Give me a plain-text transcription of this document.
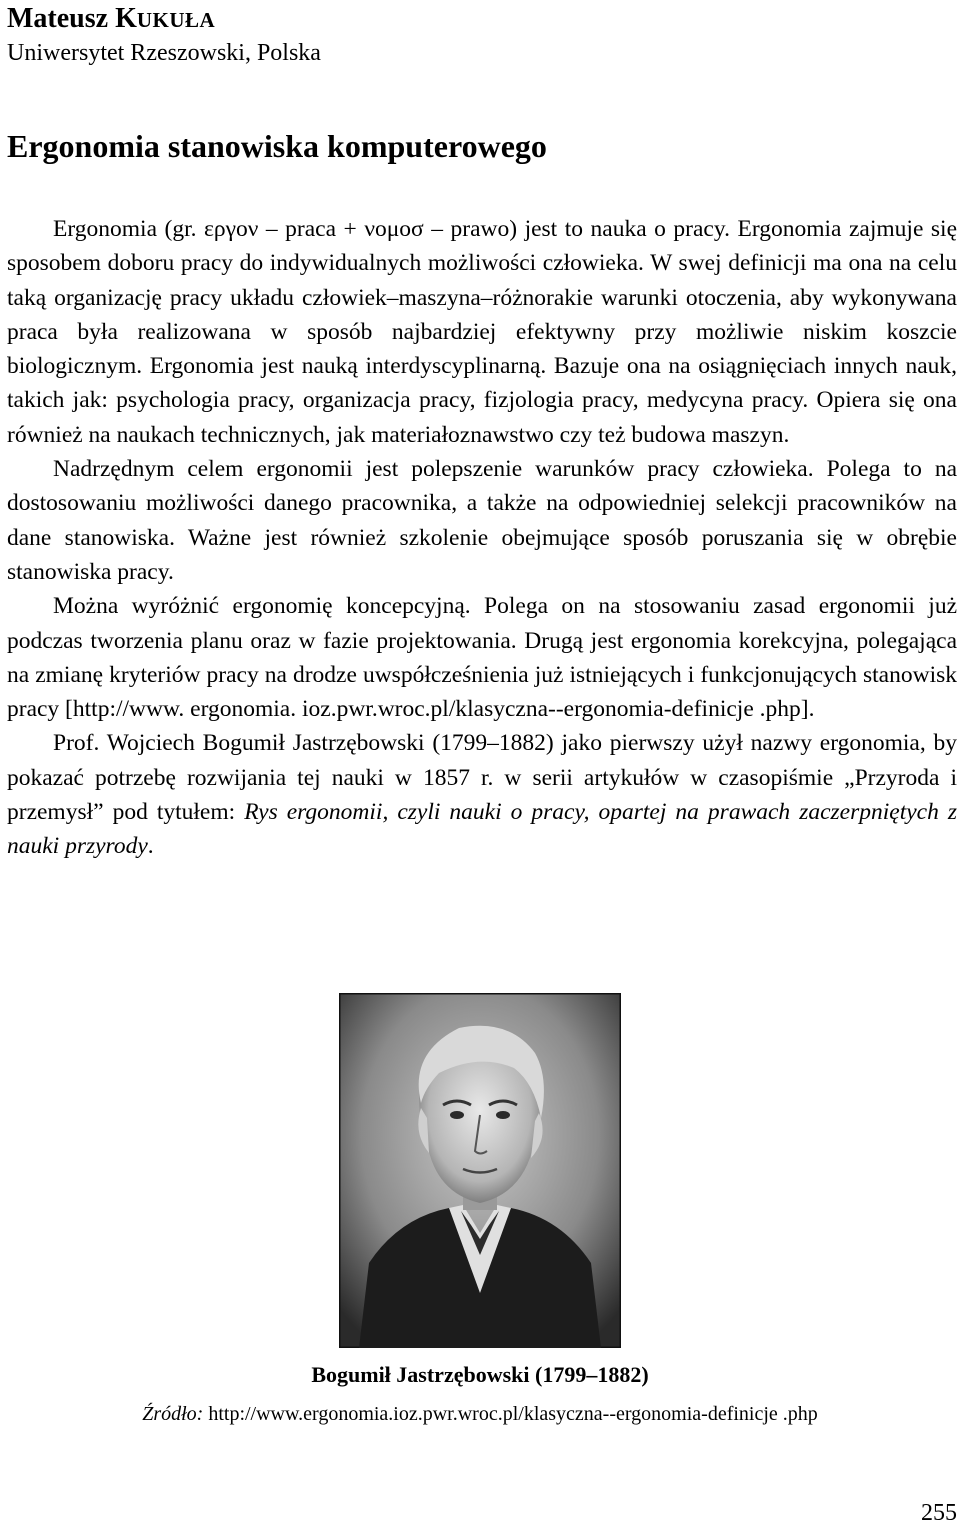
Mateusz KUKUŁA
Uniwersytet Rzeszowski, Polska
Ergonomia stanowiska komputerowego

Ergonomia (gr. εργον – praca + νομοσ – prawo) jest to nauka o pracy. Ergonomia zajmuje się sposobem doboru pracy do indywidualnych możliwości człowieka. W swej definicji ma ona na celu taką organizację pracy układu człowiek–maszyna–różnorakie warunki otoczenia, aby wykonywana praca była realizowana w sposób najbardziej efektywny przy możliwie niskim koszcie biologicznym. Ergonomia jest nauką interdyscyplinarną. Bazuje ona na osiągnięciach innych nauk, takich jak: psychologia pracy, organizacja pracy, fizjologia pracy, medycyna pracy. Opiera się ona również na naukach technicznych, jak materiałoznawstwo czy też budowa maszyn.

Nadrzędnym celem ergonomii jest polepszenie warunków pracy człowieka. Polega to na dostosowaniu możliwości danego pracownika, a także na odpowiedniej selekcji pracowników na dane stanowiska. Ważne jest również szkolenie obejmujące sposób poruszania się w obrębie stanowiska pracy.

Można wyróżnić ergonomię koncepcyjną. Polega on na stosowaniu zasad ergonomii już podczas tworzenia planu oraz w fazie projektowania. Drugą jest ergonomia korekcyjna, polegająca na zmianę kryteriów pracy na drodze uwspółcześnienia już istniejących i funkcjonujących stanowisk pracy [http://www. ergonomia. ioz.pwr.wroc.pl/klasyczna--ergonomia-definicje .php].

Prof. Wojciech Bogumił Jastrzębowski (1799–1882) jako pierwszy użył nazwy ergonomia, by pokazać potrzebę rozwijania tej nauki w 1857 r. w serii artykułów w czasopiśmie „Przyroda i przemysł” pod tytułem: Rys ergonomii, czyli nauki o pracy, opartej na prawach zaczerpniętych z nauki przyrody.

Bogumił Jastrzębowski (1799–1882)
Źródło: http://www.ergonomia.ioz.pwr.wroc.pl/klasyczna--ergonomia-definicje .php
255
